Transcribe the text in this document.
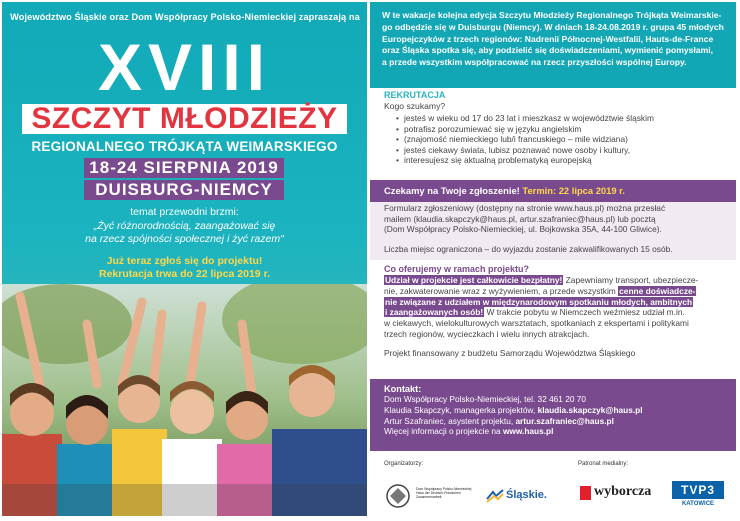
Województwo Śląskie oraz Dom Współpracy Polsko-Niemieckiej zapraszają na
XVIII
SZCZYT MŁODZIEŻY
REGIONALNEGO TRÓJKĄTA WEIMARSKIEGO
18-24 SIERPNIA 2019
DUISBURG-NIEMCY
temat przewodni brzmi:
„Żyć różnorodnością, zaangażować się
na rzecz spójności społecznej i żyć razem"
Już teraz zgłoś się do projektu!
Rekrutacja trwa do 22 lipca 2019 r.
W te wakacje kolejna edycja Szczytu Młodzieży Regionalnego Trójkąta Weimarskie-
go odbędzie się w Duisburgu (Niemcy). W dniach 18-24.08.2019 r. grupa 45 młodych
Europejczyków z trzech regionów: Nadrenii Północnej-Westfalii, Hauts-de-France
oraz Śląska spotka się, aby podzielić się doświadczeniami, wymienić pomysłami,
a przede wszystkim współpracować na rzecz przyszłości wspólnej Europy.
REKRUTACJA
Kogo szukamy?
• jesteś w wieku od 17 do 23 lat i mieszkasz w województwie śląskim
• potrafisz porozumiewać się w języku angielskim
• (znajomość niemieckiego lub/i francuskiego – mile widziana)
• jesteś ciekawy świata, lubisz poznawać nowe osoby i kultury,
• interesujesz się aktualną problematyką europejską
Czekamy na Twoje zgłoszenie! Termin: 22 lipca 2019 r.
Formularz zgłoszeniowy (dostępny na stronie www.haus.pl) można przesłać
mailem (klaudia.skapczyk@haus.pl, artur.szafraniec@haus.pl) lub pocztą
(Dom Współpracy Polsko-Niemieckiej, ul. Bojkowska 35A, 44-100 Gliwice).
Liczba miejsc ograniczona – do wyjazdu zostanie zakwalifikowanych 15 osób.
Co oferujemy w ramach projektu?
Udział w projekcie jest całkowicie bezpłatny! Zapewniamy transport, ubezpiecze-
nie, zakwaterowanie wraz z wyżywieniem, a przede wszystkim cenne doświadcze-
nie związane z udziałem w międzynarodowym spotkaniu młodych, ambitnych
i zaangażowanych osób! W trakcie pobytu w Niemczech weźmiesz udział m.in.
w ciekawych, wielokulturowych warsztatach, spotkaniach z ekspertami i politykami
trzech regionów, wycieczkach i wielu innych atrakcjach.
Projekt finansowany z budżetu Samorządu Województwa Śląskiego
Kontakt:
Dom Współpracy Polsko-Niemieckiej, tel. 32 461 20 70
Klaudia Skapczyk, managerka projektów, klaudia.skapczyk@haus.pl
Artur Szafraniec, asystent projektu, artur.szafraniec@haus.pl
Więcej informacji o projekcie na www.haus.pl
Organizatorzy:	Patronat medialny:
Dom Współpracy Polsko-Niemieckiej Haus der Deutsch-Polnischen Zusammenarbeit	Śląskie.	wyborcza	TVP3
KATOWICE
